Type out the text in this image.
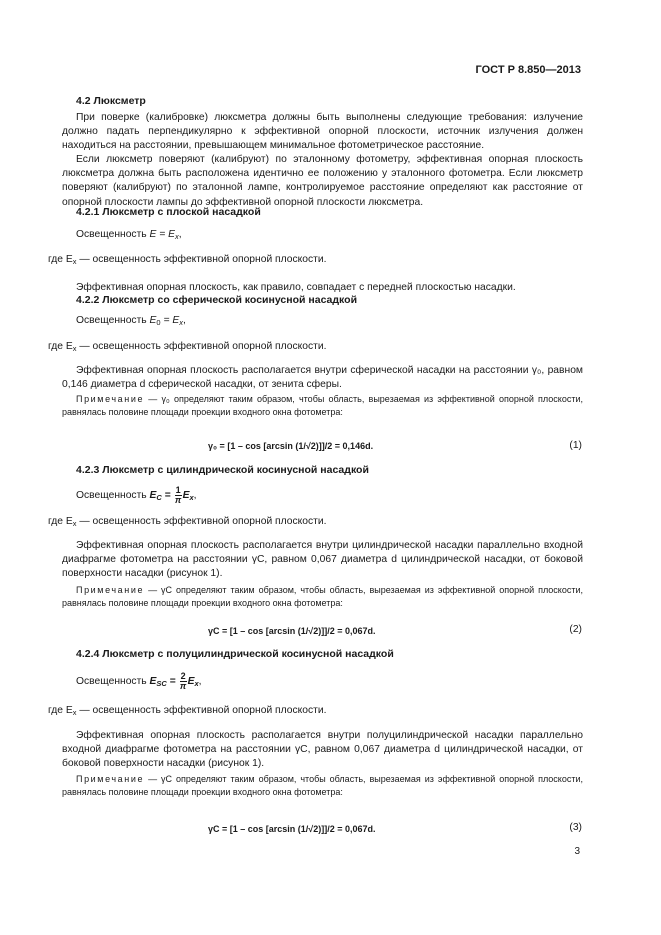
ГОСТ Р 8.850—2013
4.2 Люксметр
При поверке (калибровке) люксметра должны быть выполнены следующие требования: излучение должно падать перпендикулярно к эффективной опорной плоскости, источник излучения должен находиться на расстоянии, превышающем минимальное фотометрическое расстояние.
Если люксметр поверяют (калибруют) по эталонному фотометру, эффективная опорная плоскость люксметра должна быть расположена идентично ее положению у эталонного фотометра. Если люксметр поверяют (калибруют) по эталонной лампе, контролируемое расстояние определяют как расстояние от опорной плоскости лампы до эффективной опорной плоскости люксметра.
4.2.1 Люксметр с плоской насадкой
Освещенность $E = E_x$,
где $E_x$ — освещенность эффективной опорной плоскости.
Эффективная опорная плоскость, как правило, совпадает с передней плоскостью насадки.
4.2.2 Люксметр со сферической косинусной насадкой
Освещенность $E_0 = E_x$,
где $E_x$ — освещенность эффективной опорной плоскости.
Эффективная опорная плоскость располагается внутри сферической насадки на расстоянии γ₀, равном 0,146 диаметра d сферической насадки, от зенита сферы.
Примечание — γ₀ определяют таким образом, чтобы область, вырезаемая из эффективной опорной плоскости, равнялась половине площади проекции входного окна фотометра:
γ₀ = [1 – cos [arcsin (1/√2)]]/2 = 0,146d.	(1)
4.2.3 Люксметр с цилиндрической косинусной насадкой
Освещенность $E_C = \frac{1}{\pi} E_x$,
где $E_x$ — освещенность эффективной опорной плоскости.
Эффективная опорная плоскость располагается внутри цилиндрической насадки параллельно входной диафрагме фотометра на расстоянии γC, равном 0,067 диаметра d цилиндрической насадки, от боковой поверхности насадки (рисунок 1).
Примечание — γC определяют таким образом, чтобы область, вырезаемая из эффективной опорной плоскости, равнялась половине площади проекции входного окна фотометра:
γC = [1 – cos [arcsin (1/√2)]]/2 = 0,067d.	(2)
4.2.4 Люксметр с полуцилиндрической косинусной насадкой
Освещенность $E_{SC} = \frac{2}{\pi} E_x$,
где $E_x$ — освещенность эффективной опорной плоскости.
Эффективная опорная плоскость располагается внутри полуцилиндрической насадки параллельно входной диафрагме фотометра на расстоянии γC, равном 0,067 диаметра d цилиндрической насадки, от боковой поверхности насадки (рисунок 1).
Примечание — γC определяют таким образом, чтобы область, вырезаемая из эффективной опорной плоскости, равнялась половине площади проекции входного окна фотометра:
γC = [1 – cos [arcsin (1/√2)]]/2 = 0,067d.	(3)
3
